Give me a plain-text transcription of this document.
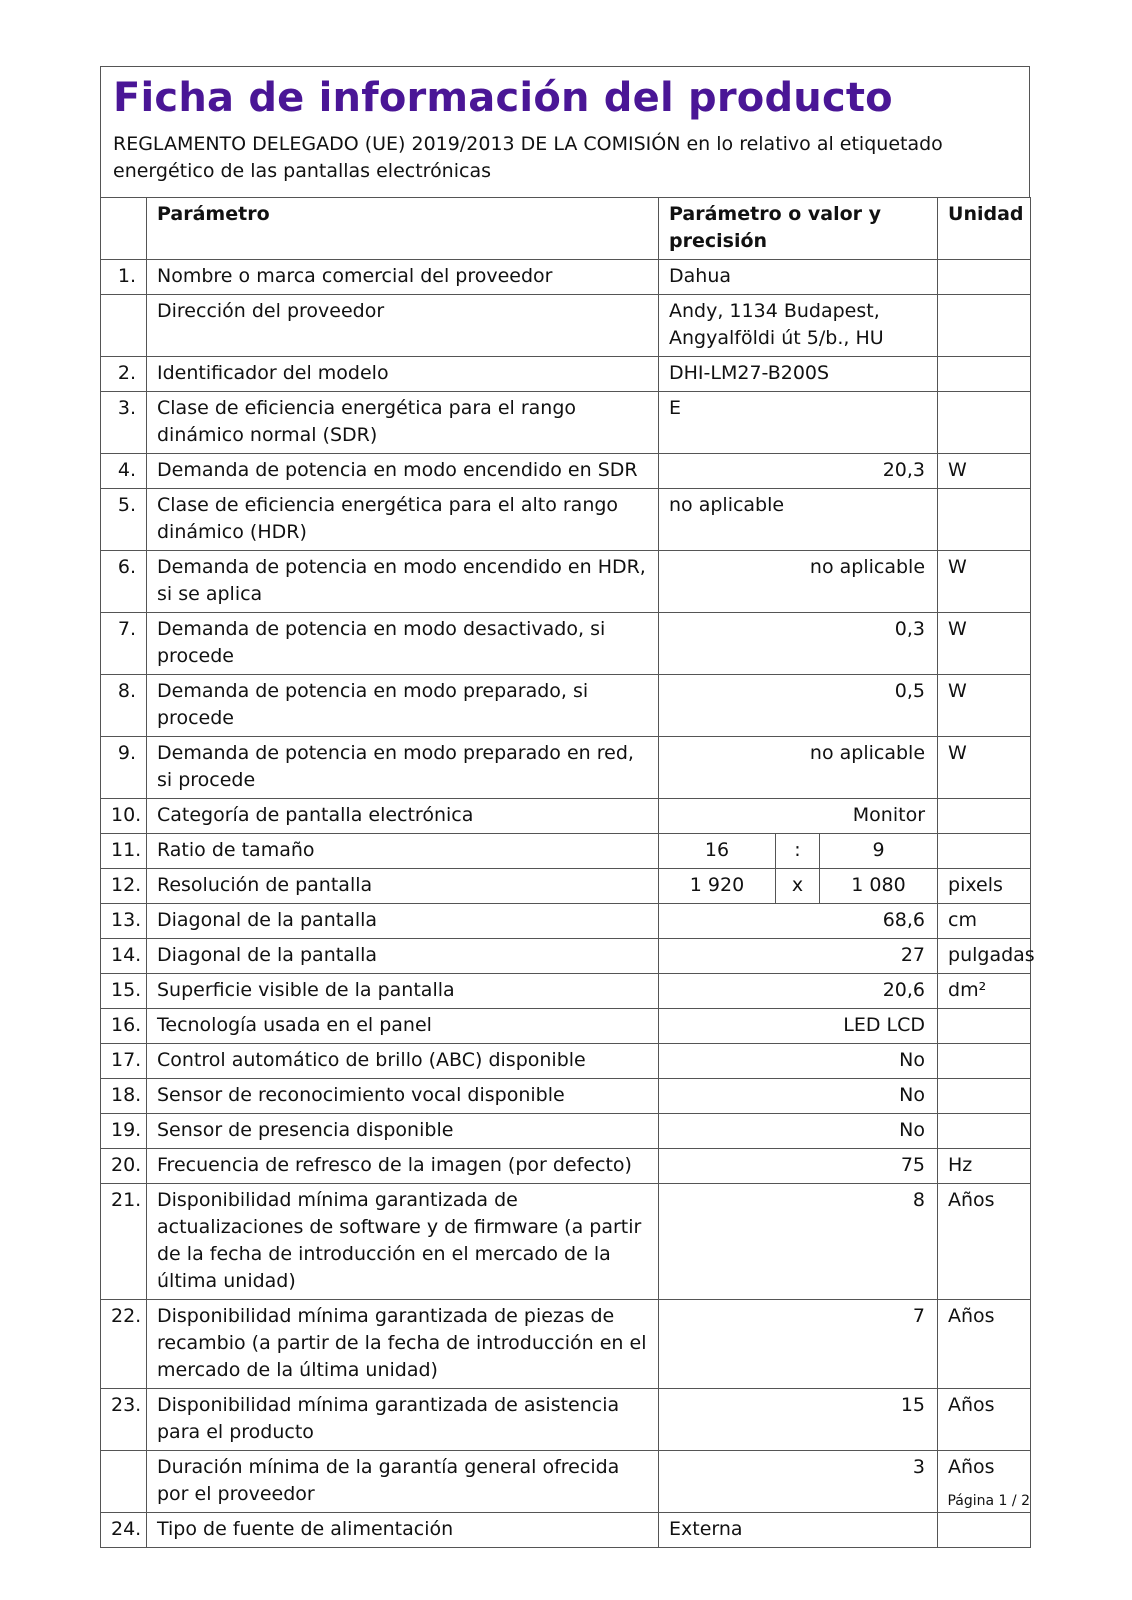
Ficha de información del producto

REGLAMENTO DELEGADO (UE) 2019/2013 DE LA COMISIÓN en lo relativo al etiquetado energético de las pantallas electrónicas

	Parámetro	Parámetro o valor y precisión			Unidad
1.	Nombre o marca comercial del proveedor	Dahua			
	Dirección del proveedor	Andy, 1134 Budapest, Angyalföldi út 5/b., HU			
2.	Identificador del modelo	DHI-LM27-B200S			
3.	Clase de eficiencia energética para el rango dinámico normal (SDR)	E			
4.	Demanda de potencia en modo encendido en SDR	20,3			W
5.	Clase de eficiencia energética para el alto rango dinámico (HDR)	no aplicable			
6.	Demanda de potencia en modo encendido en HDR, si se aplica	no aplicable			W
7.	Demanda de potencia en modo desactivado, si procede	0,3			W
8.	Demanda de potencia en modo preparado, si procede	0,5			W
9.	Demanda de potencia en modo preparado en red, si procede	no aplicable			W
10.	Categoría de pantalla electrónica	Monitor			
11.	Ratio de tamaño	16	:	9	
12.	Resolución de pantalla	1 920	x	1 080	pixels
13.	Diagonal de la pantalla	68,6			cm
14.	Diagonal de la pantalla	27			pulgadas
15.	Superficie visible de la pantalla	20,6			dm²
16.	Tecnología usada en el panel	LED LCD			
17.	Control automático de brillo (ABC) disponible	No			
18.	Sensor de reconocimiento vocal disponible	No			
19.	Sensor de presencia disponible	No			
20.	Frecuencia de refresco de la imagen (por defecto)	75			Hz
21.	Disponibilidad mínima garantizada de actualizaciones de software y de firmware (a partir de la fecha de introducción en el mercado de la última unidad)	8			Años
22.	Disponibilidad mínima garantizada de piezas de recambio (a partir de la fecha de introducción en el mercado de la última unidad)	7			Años
23.	Disponibilidad mínima garantizada de asistencia para el producto	15			Años
	Duración mínima de la garantía general ofrecida por el proveedor	3			Años
24.	Tipo de fuente de alimentación	Externa			
Página 1 / 2
